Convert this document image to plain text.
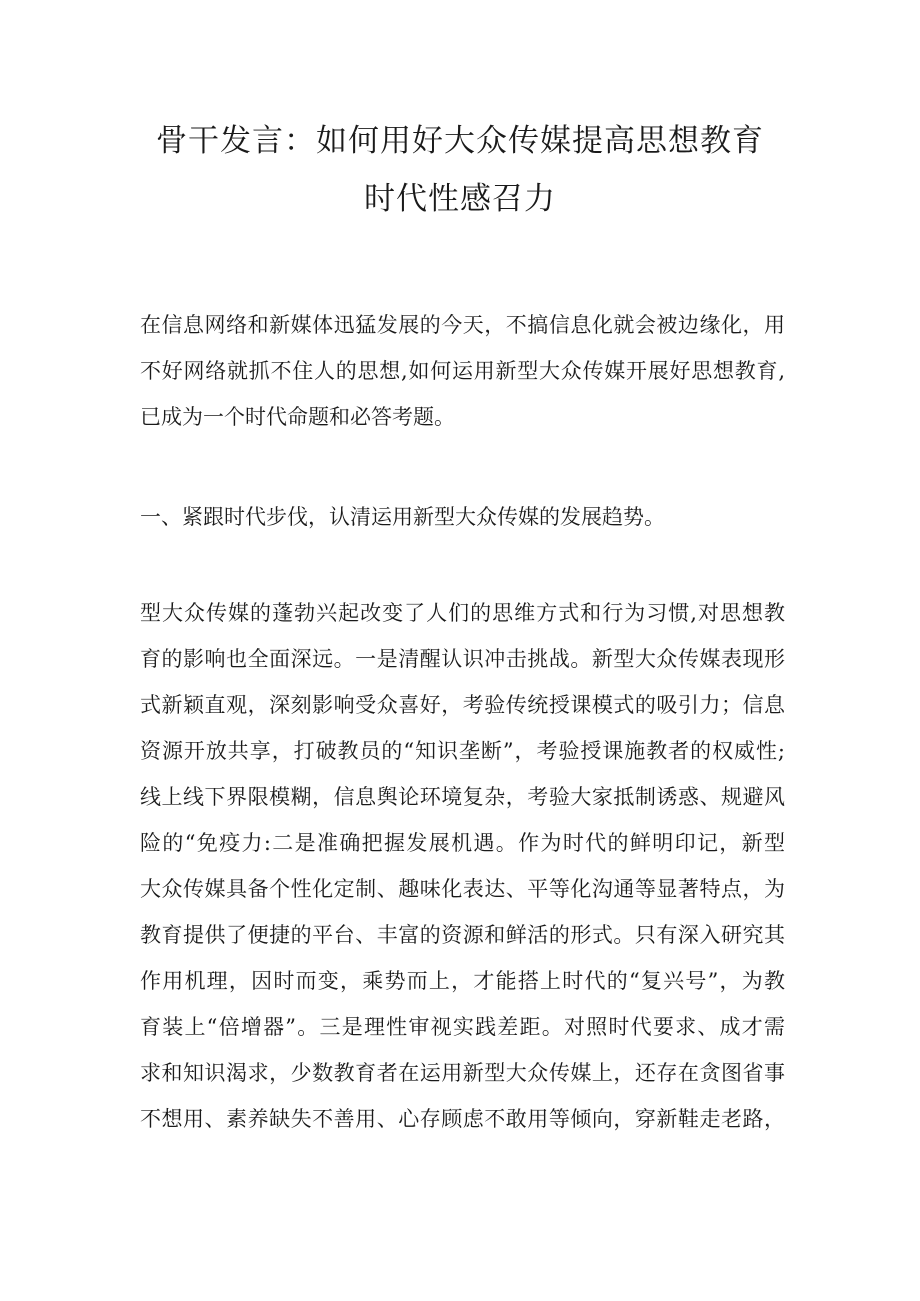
骨干发言：如何用好大众传媒提高思想教育
时代性感召力
在信息网络和新媒体迅猛发展的今天，不搞信息化就会被边缘化，用
不好网络就抓不住人的思想,如何运用新型大众传媒开展好思想教育,
已成为一个时代命题和必答考题。
一、紧跟时代步伐，认清运用新型大众传媒的发展趋势。
型大众传媒的蓬勃兴起改变了人们的思维方式和行为习惯,对思想教
育的影响也全面深远。一是清醒认识冲击挑战。新型大众传媒表现形
式新颖直观，深刻影响受众喜好，考验传统授课模式的吸引力；信息
资源开放共享，打破教员的“知识垄断”，考验授课施教者的权威性;
线上线下界限模糊，信息舆论环境复杂，考验大家抵制诱惑、规避风
险的“免疫力:二是准确把握发展机遇。作为时代的鲜明印记，新型
大众传媒具备个性化定制、趣味化表达、平等化沟通等显著特点，为
教育提供了便捷的平台、丰富的资源和鲜活的形式。只有深入研究其
作用机理，因时而变，乘势而上，才能搭上时代的“复兴号”，为教
育装上“倍增器”。三是理性审视实践差距。对照时代要求、成才需
求和知识渴求，少数教育者在运用新型大众传媒上，还存在贪图省事
不想用、素养缺失不善用、心存顾虑不敢用等倾向，穿新鞋走老路，
